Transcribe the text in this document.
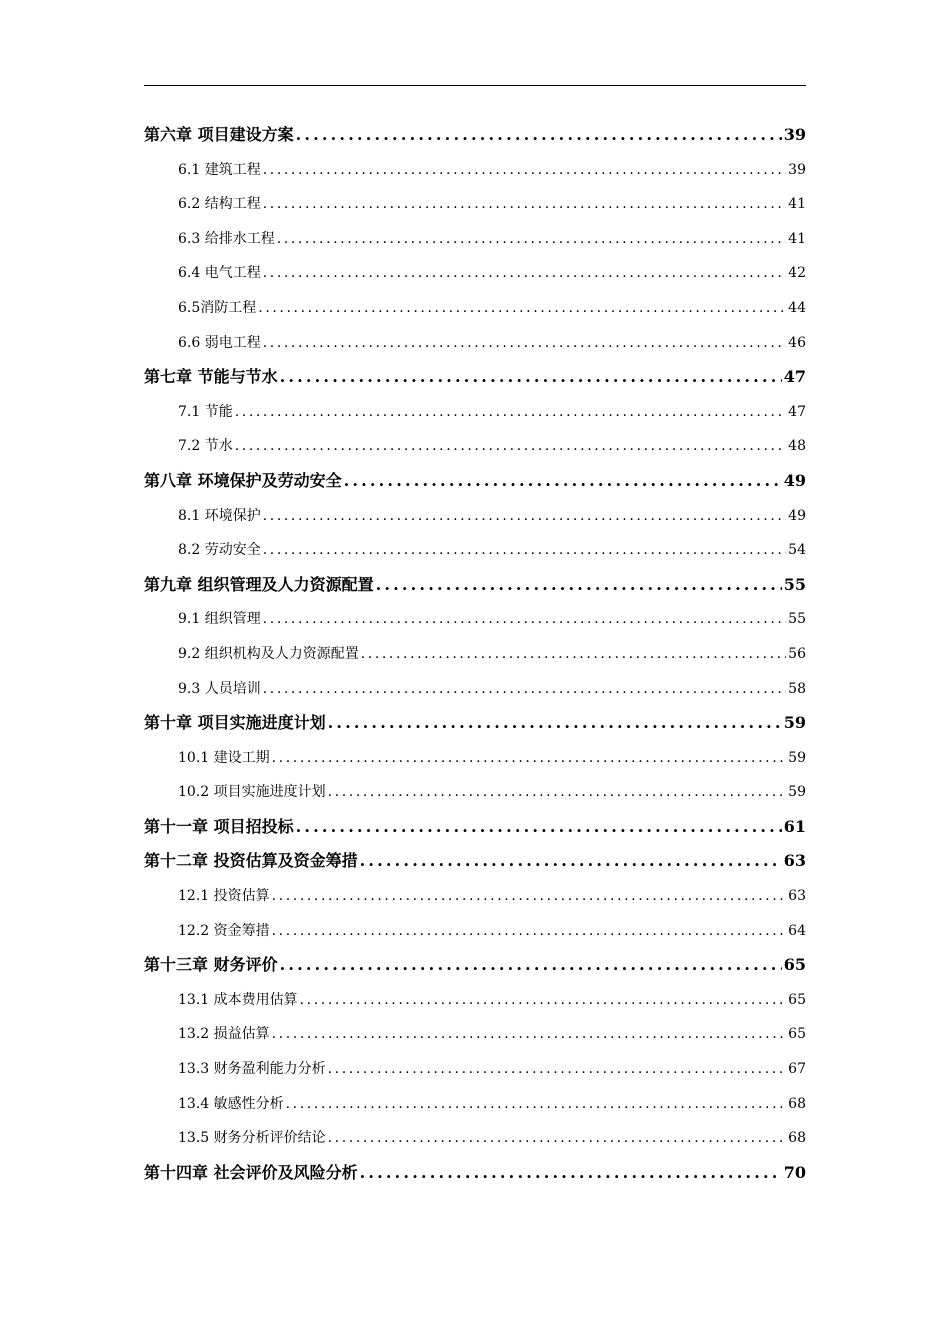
第六章 项目建设方案 .....	39
6.1 建筑工程 .....	39
6.2 结构工程 .....	41
6.3 给排水工程 .....	41
6.4 电气工程 .....	42
6.5消防工程 .....	44
6.6 弱电工程 .....	46
第七章 节能与节水 .....	47
7.1 节能 .....	47
7.2 节水 .....	48
第八章 环境保护及劳动安全 .....	49
8.1 环境保护 .....	49
8.2 劳动安全 .....	54
第九章 组织管理及人力资源配置 .....	55
9.1 组织管理 .....	55
9.2 组织机构及人力资源配置 .....	56
9.3 人员培训 .....	58
第十章 项目实施进度计划 .....	59
10.1 建设工期 .....	59
10.2 项目实施进度计划 .....	59
第十一章 项目招投标 .....	61
第十二章 投资估算及资金筹措 .....	63
12.1 投资估算 .....	63
12.2 资金筹措 .....	64
第十三章 财务评价 .....	65
13.1 成本费用估算 .....	65
13.2 损益估算 .....	65
13.3 财务盈利能力分析 .....	67
13.4 敏感性分析 .....	68
13.5 财务分析评价结论 .....	68
第十四章 社会评价及风险分析 .....	70
